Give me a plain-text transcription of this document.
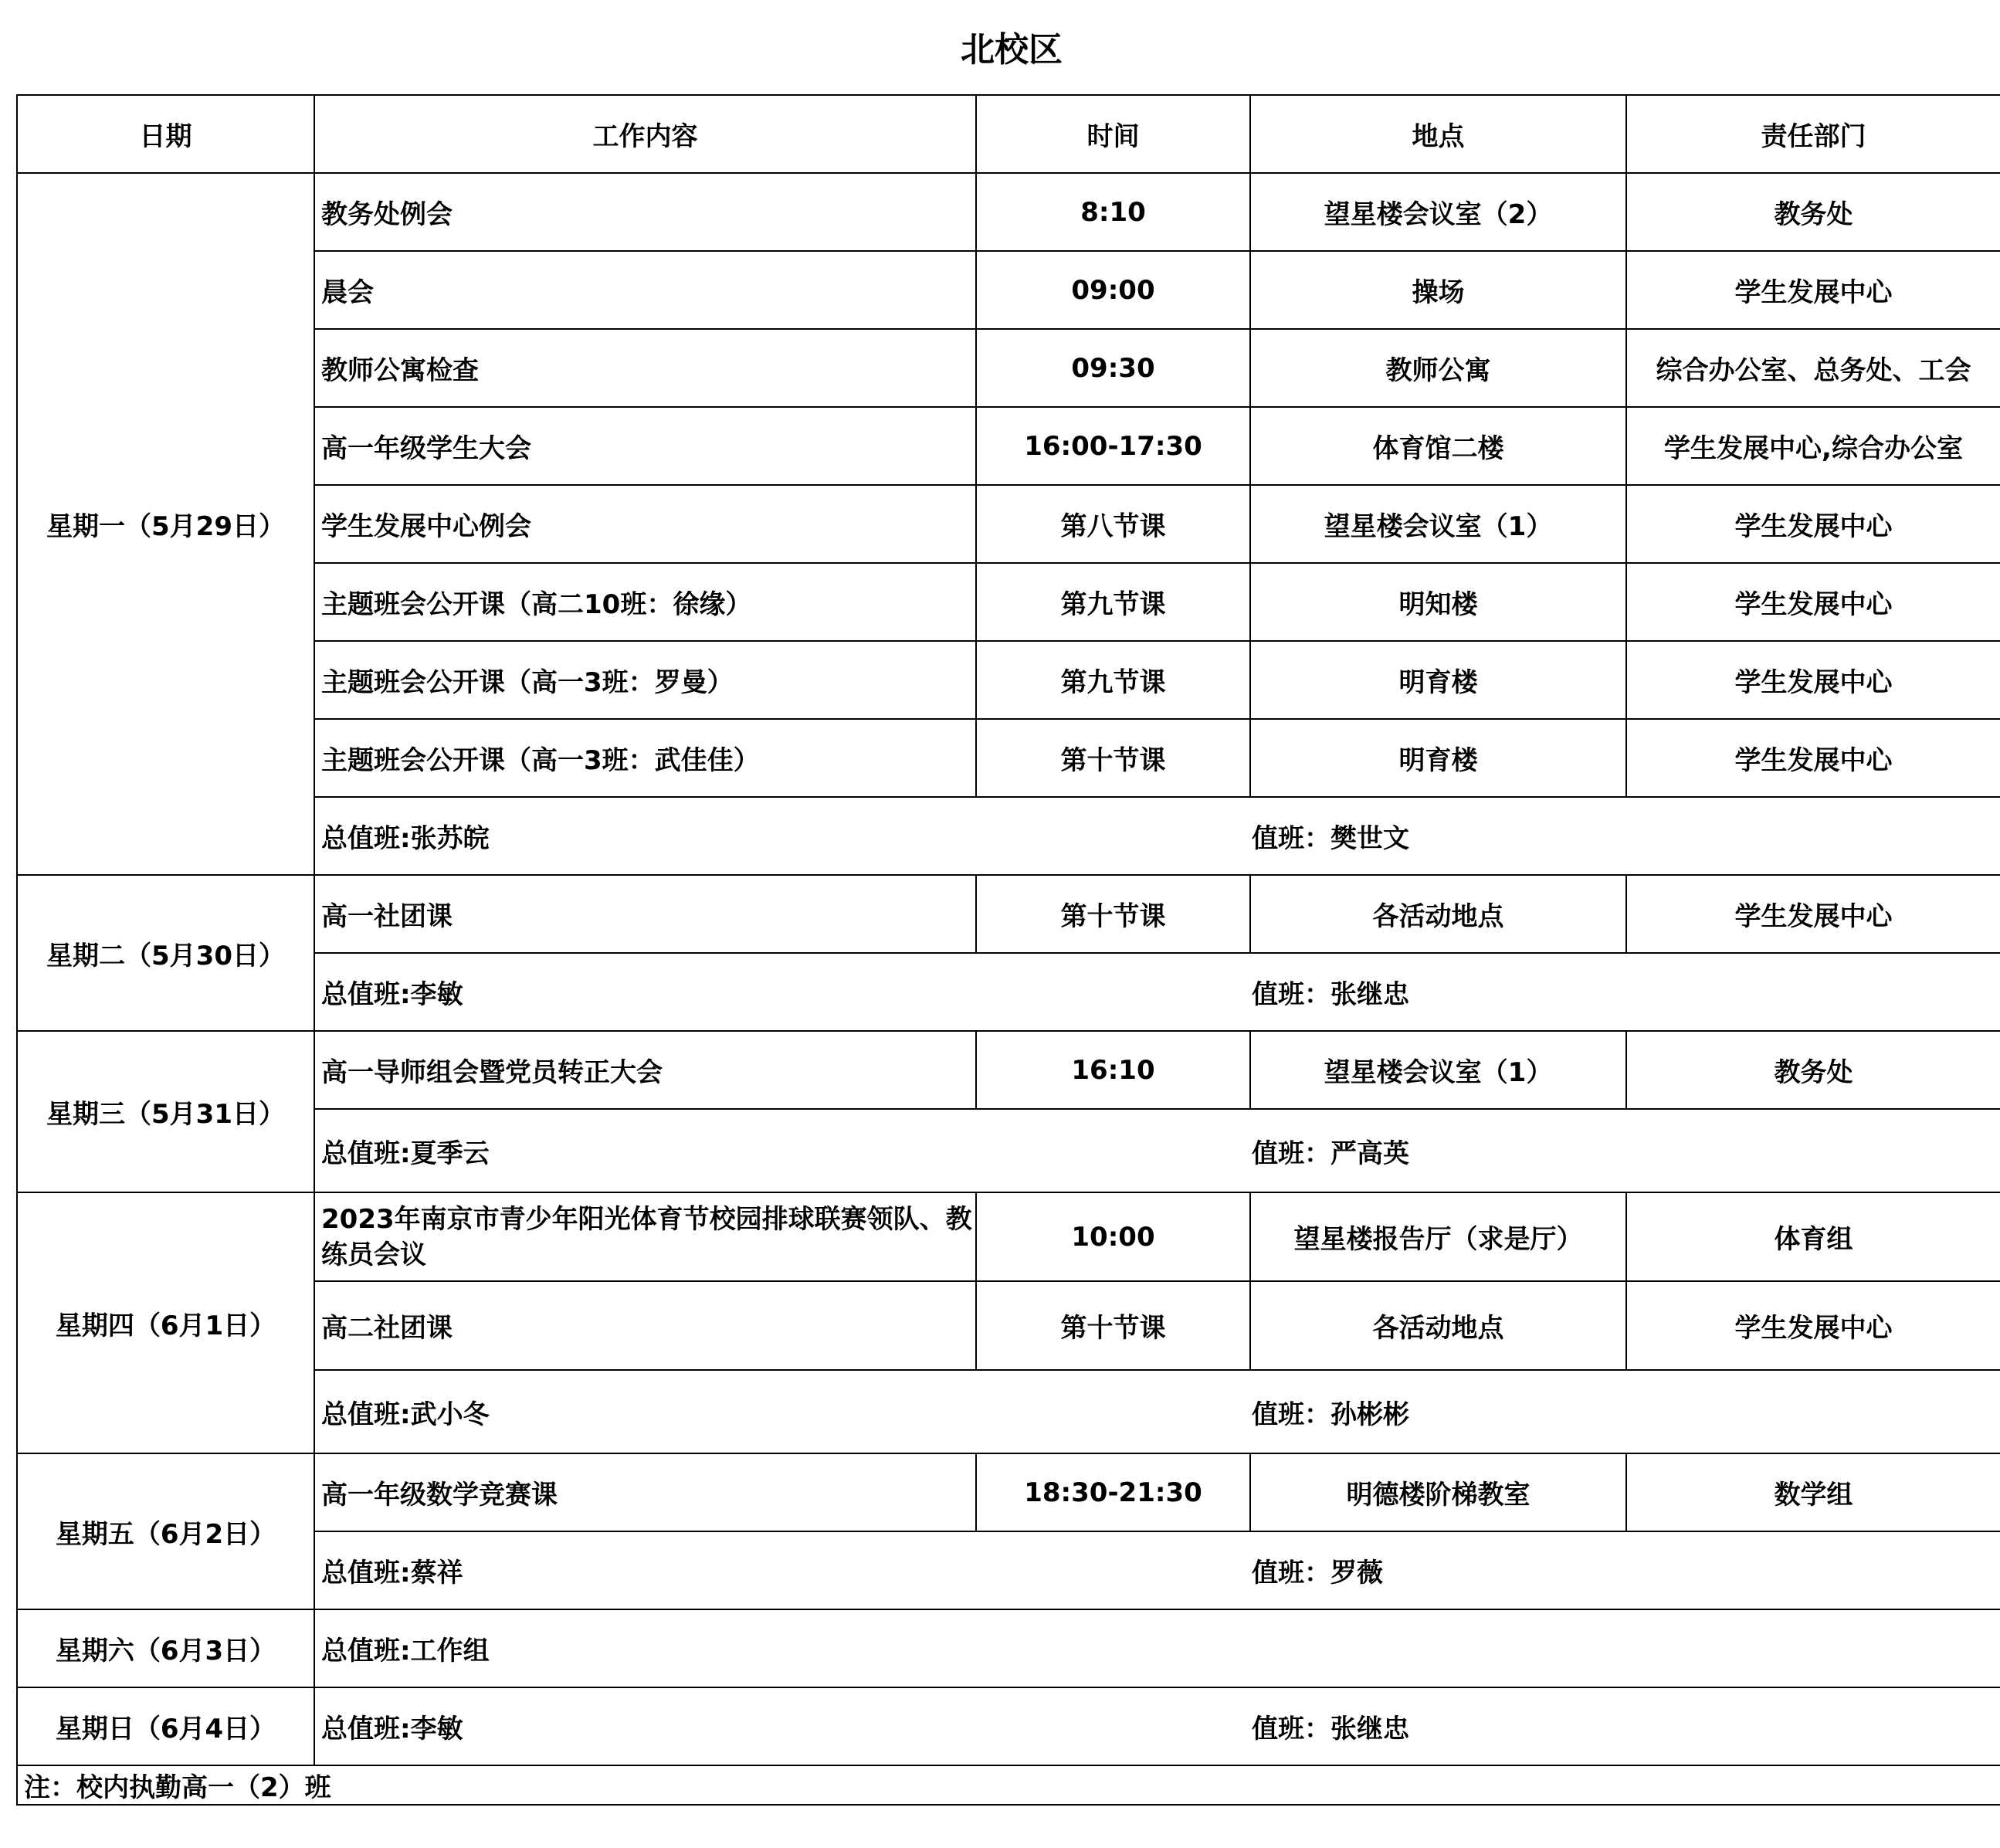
北校区
日期	工作内容	时间	地点	责任部门
星期一（5月29日）	教务处例会	8:10	望星楼会议室（2）	教务处
	晨会	09:00	操场	学生发展中心
	教师公寓检查	09:30	教师公寓	综合办公室、总务处、工会
	高一年级学生大会	16:00-17:30	体育馆二楼	学生发展中心,综合办公室
	学生发展中心例会	第八节课	望星楼会议室（1）	学生发展中心
	主题班会公开课（高二10班：徐缘）	第九节课	明知楼	学生发展中心
	主题班会公开课（高一3班：罗曼）	第九节课	明育楼	学生发展中心
	主题班会公开课（高一3班：武佳佳）	第十节课	明育楼	学生发展中心

	总值班:张苏皖 值班：樊世文			

星期二（5月30日）	高一社团课	第十节课	各活动地点	学生发展中心

	总值班:李敏 值班：张继忠			

星期三（5月31日）	高一导师组会暨党员转正大会	16:10	望星楼会议室（1）	教务处

	总值班:夏季云 值班：严高英			

星期四（6月1日）	2023年南京市青少年阳光体育节校园排球联赛领队、教练员会议	10:00	望星楼报告厅（求是厅）	体育组
	高二社团课	第十节课	各活动地点	学生发展中心

	总值班:武小冬 值班：孙彬彬			

星期五（6月2日）	高一年级数学竞赛课	18:30-21:30	明德楼阶梯教室	数学组

	总值班:蔡祥 值班：罗薇			

星期六（6月3日）	总值班:工作组			

星期日（6月4日）	总值班:李敏 值班：张继忠			

注：校内执勤高一（2）班				
